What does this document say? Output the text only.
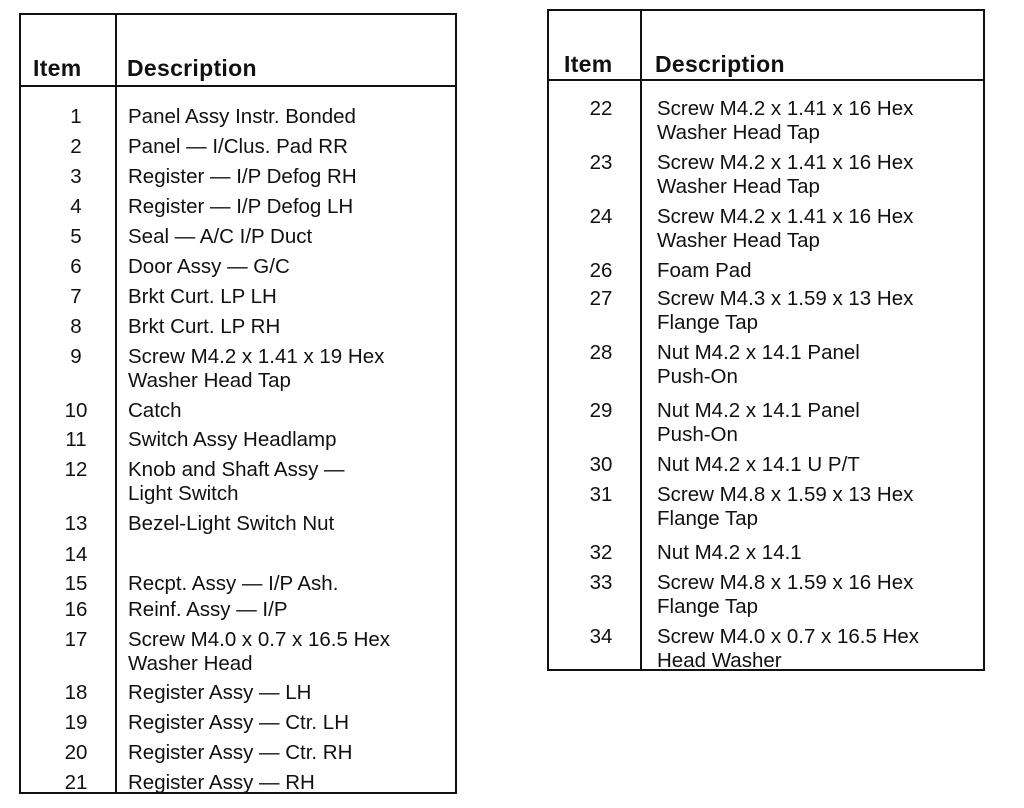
Item Description
1	Panel Assy Instr. Bonded
2	Panel — I/Clus. Pad RR
3	Register — I/P Defog RH
4	Register — I/P Defog LH
5	Seal — A/C I/P Duct
6	Door Assy — G/C
7	Brkt Curt. LP LH
8	Brkt Curt. LP RH
9	Screw M4.2 x 1.41 x 19 Hex
Washer Head Tap
10	Catch
11	Switch Assy Headlamp
12	Knob and Shaft Assy —
Light Switch
13	Bezel-Light Switch Nut
14
15	Recpt. Assy — I/P Ash.
16	Reinf. Assy — I/P
17	Screw M4.0 x 0.7 x 16.5 Hex
Washer Head
18	Register Assy — LH
19	Register Assy — Ctr. LH
20	Register Assy — Ctr. RH
21	Register Assy — RH
Item Description
22	Screw M4.2 x 1.41 x 16 Hex
Washer Head Tap
23	Screw M4.2 x 1.41 x 16 Hex
Washer Head Tap
24	Screw M4.2 x 1.41 x 16 Hex
Washer Head Tap
26	Foam Pad
27	Screw M4.3 x 1.59 x 13 Hex
Flange Tap
28	Nut M4.2 x 14.1 Panel
Push-On
29	Nut M4.2 x 14.1 Panel
Push-On
30	Nut M4.2 x 14.1 U P/T
31	Screw M4.8 x 1.59 x 13 Hex
Flange Tap
32	Nut M4.2 x 14.1
33	Screw M4.8 x 1.59 x 16 Hex
Flange Tap
34	Screw M4.0 x 0.7 x 16.5 Hex
Head Washer
